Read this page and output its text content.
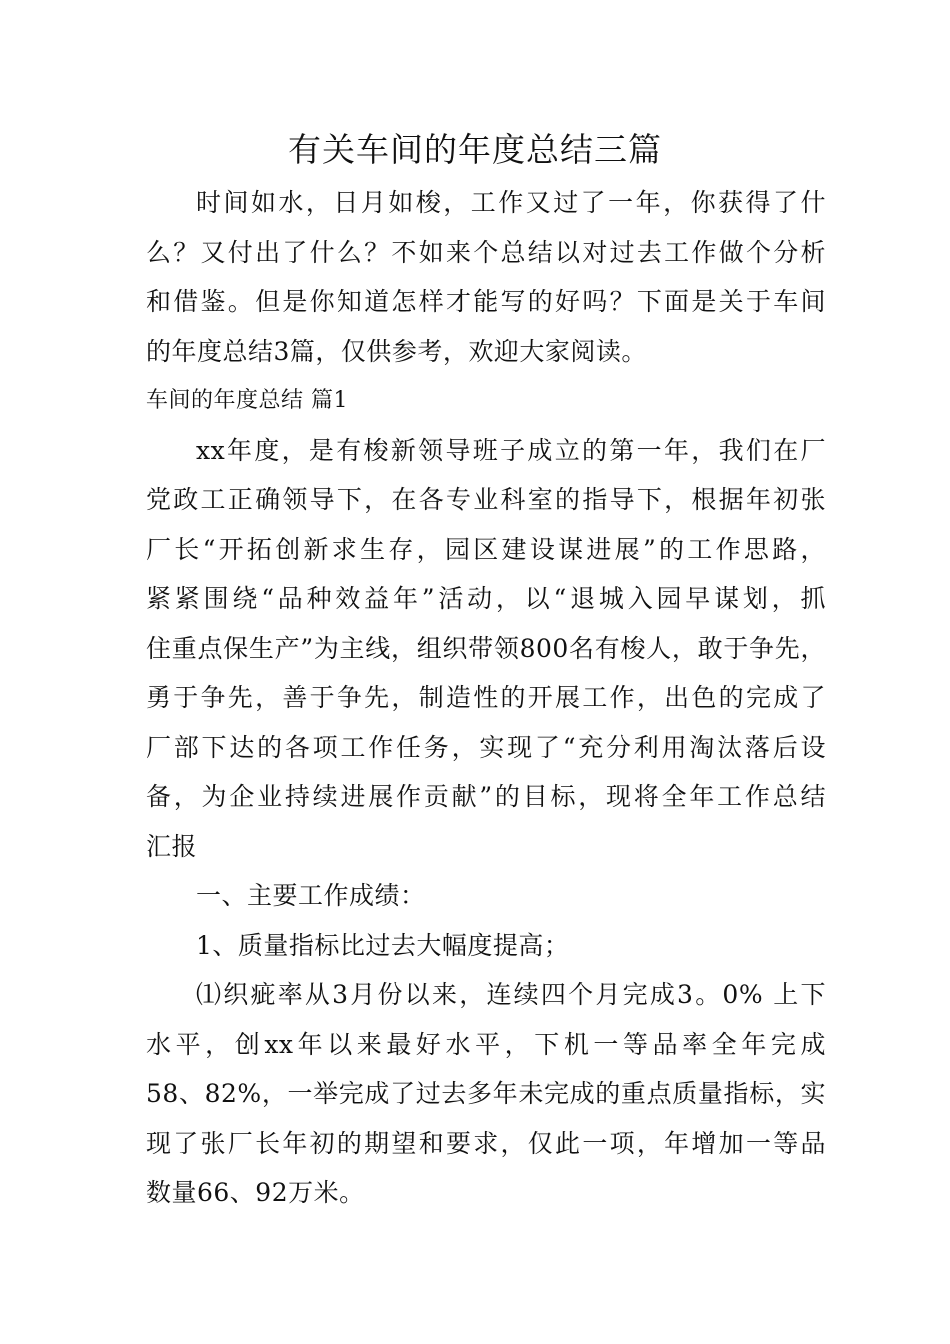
有关车间的年度总结三篇
时间如水，日月如梭，工作又过了一年，你获得了什
么？又付出了什么？不如来个总结以对过去工作做个分析
和借鉴。但是你知道怎样才能写的好吗？下面是关于车间
的年度总结3篇，仅供参考，欢迎大家阅读。
车间的年度总结 篇1
xx年度，是有梭新领导班子成立的第一年，我们在厂
党政工正确领导下，在各专业科室的指导下，根据年初张
厂长“开拓创新求生存，园区建设谋进展”的工作思路，
紧紧围绕“品种效益年”活动，以“退城入园早谋划，抓
住重点保生产”为主线，组织带领800名有梭人，敢于争先，
勇于争先，善于争先，制造性的开展工作，出色的完成了
厂部下达的各项工作任务，实现了“充分利用淘汰落后设
备，为企业持续进展作贡献”的目标，现将全年工作总结
汇报
一、主要工作成绩：
1、质量指标比过去大幅度提高；
⑴织疵率从3月份以来，连续四个月完成3。0% 上下
水平，创xx年以来最好水平，下机一等品率全年完成
58、82%，一举完成了过去多年未完成的重点质量指标，实
现了张厂长年初的期望和要求，仅此一项，年增加一等品
数量66、92万米。
